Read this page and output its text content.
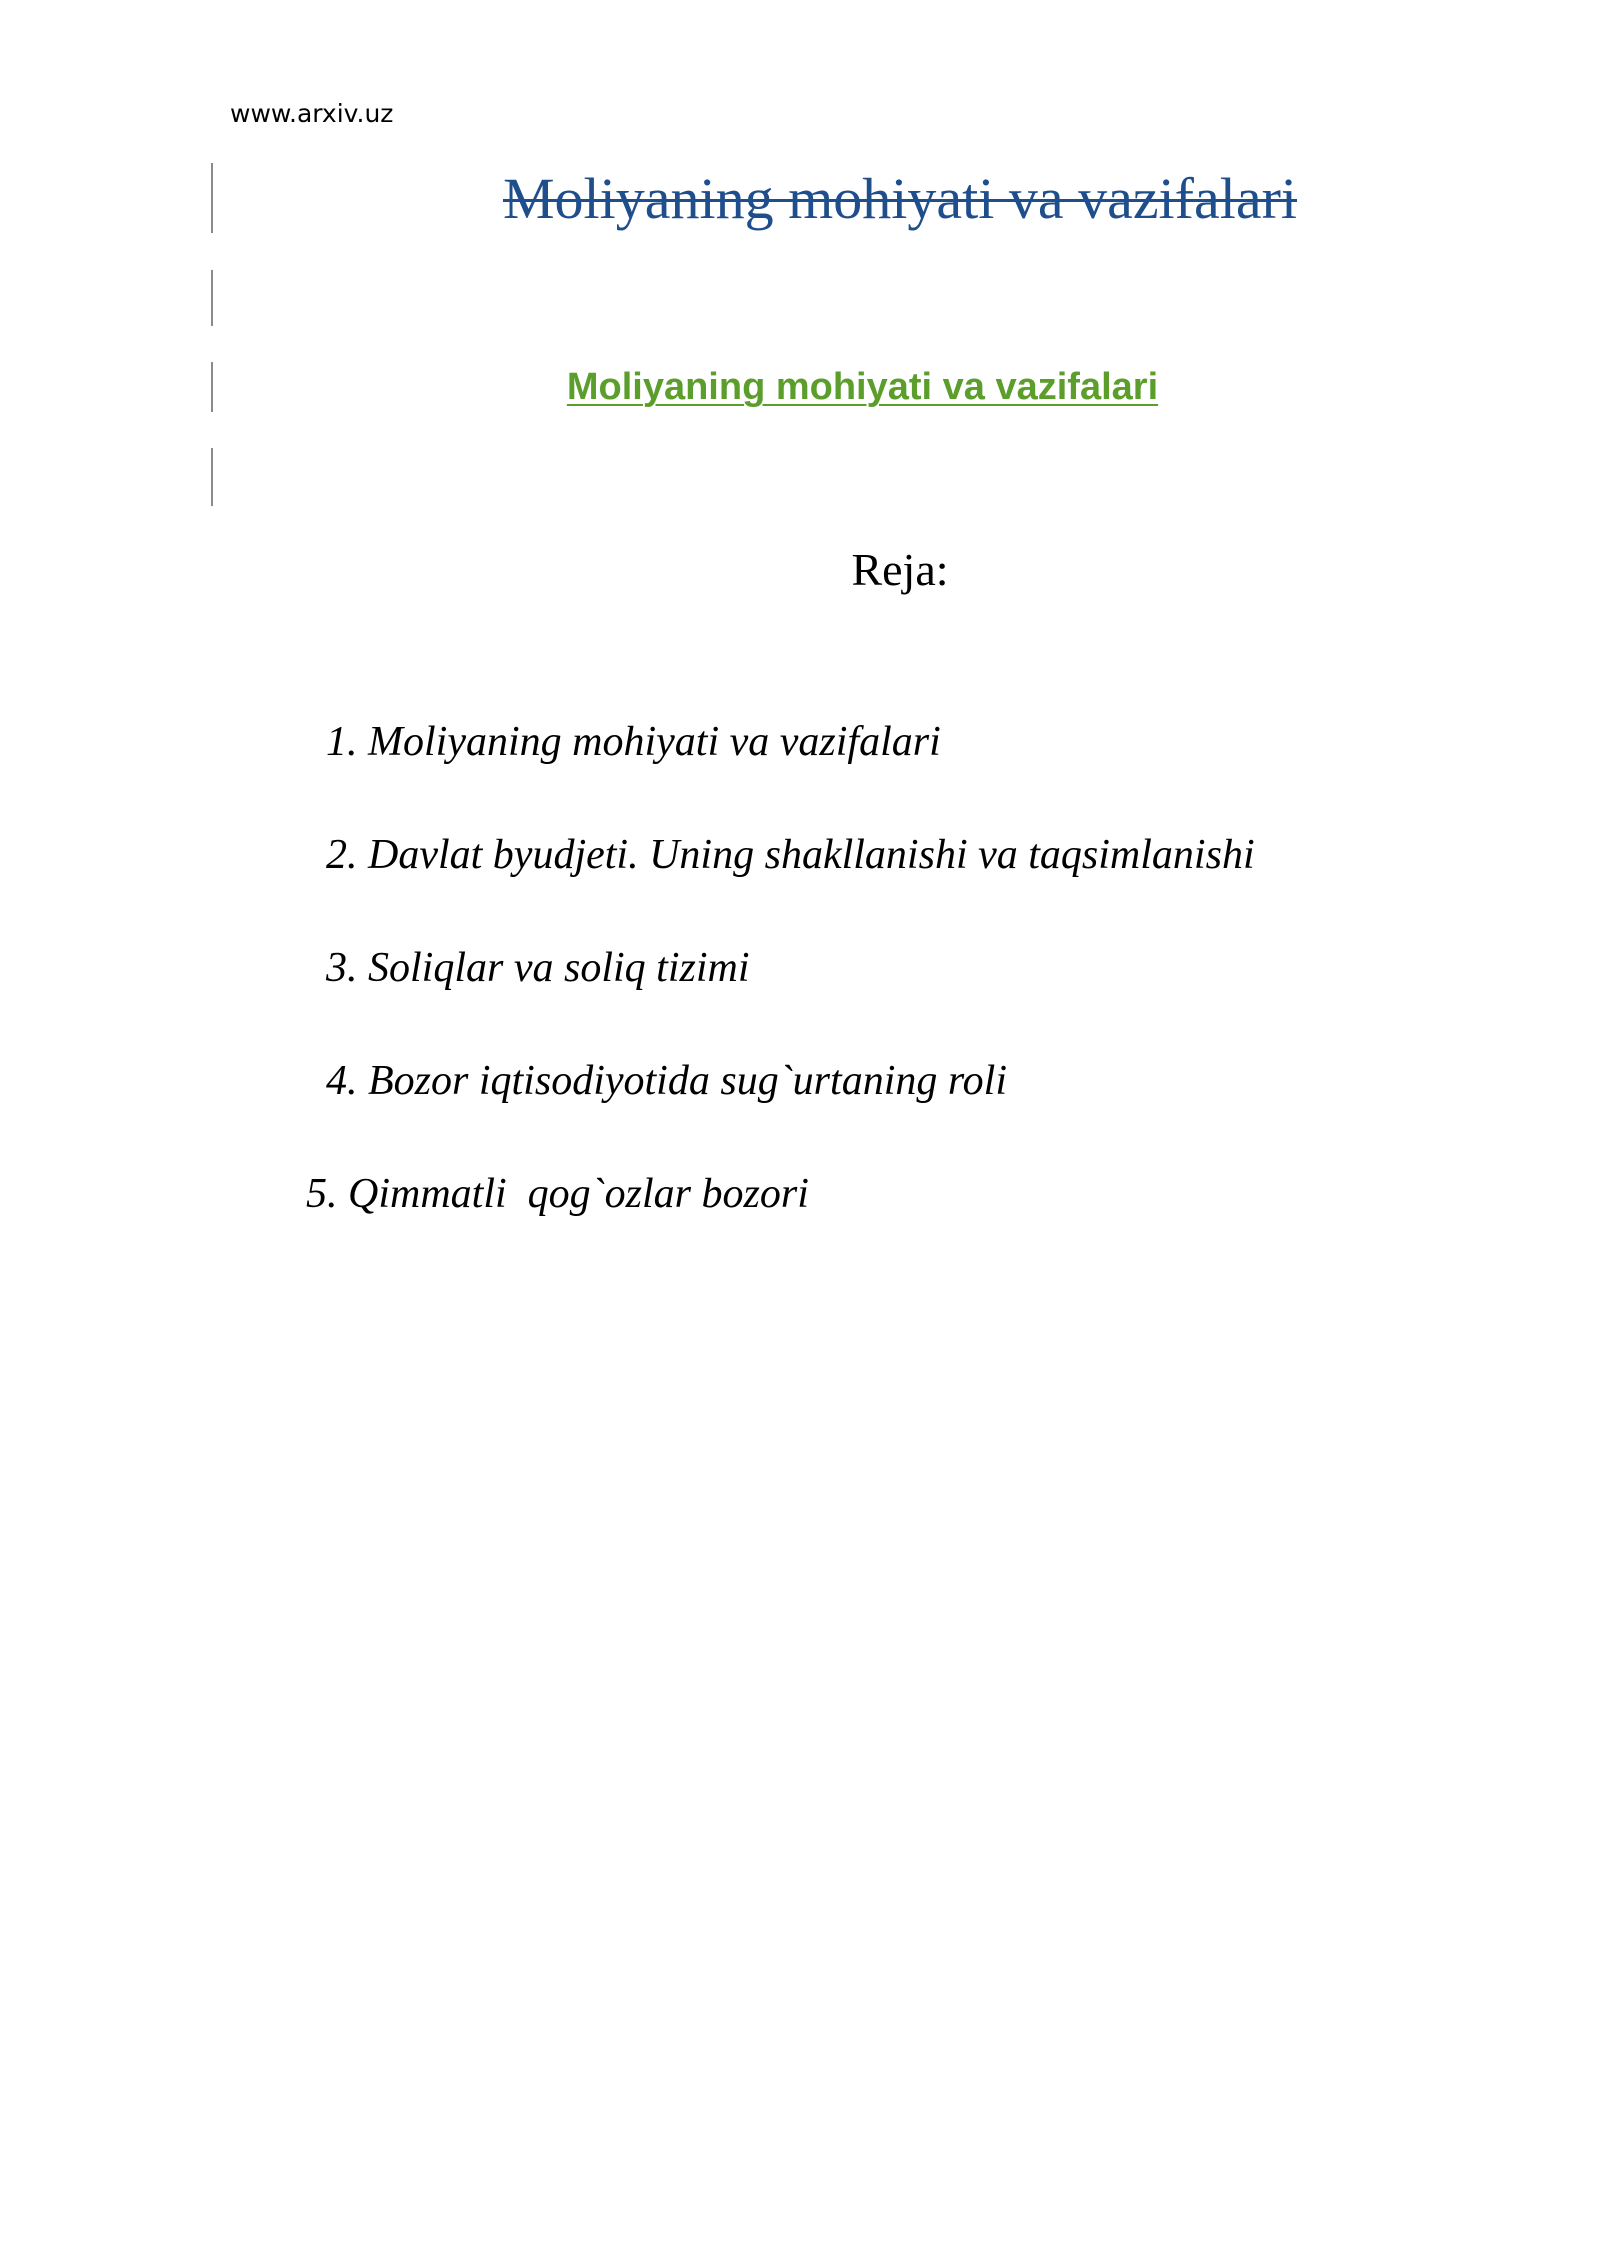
www.arxiv.uz
Moliyaning mohiyati va vazifalari
Moliyaning mohiyati va vazifalari
Reja:
1. Moliyaning mohiyati va vazifalari
2. Davlat byudjeti. Uning shakllanishi va taqsimlanishi
3. Soliqlar va soliq tizimi
4. Bozor iqtisodiyotida sug`urtaning roli
5. Qimmatli  qog`ozlar bozori
